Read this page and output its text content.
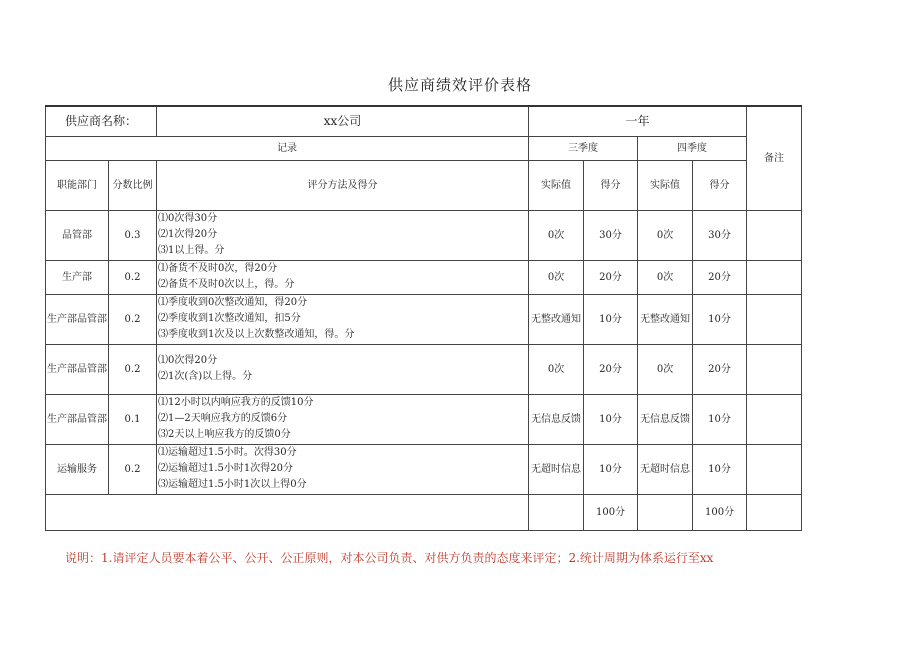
供应商绩效评价表格
供应商名称：		xx公司	一年				备注
记录			三季度		四季度		
职能部门	分数比例	评分方法及得分	实际值	得分	实际值	得分	
品管部	0.3	⑴0次得30分
⑵1次得20分
⑶1以上得。分	0次	30分	0次	30分	
生产部	0.2	⑴备货不及时0次，得20分
⑵备货不及时0次以上，得。分	0次	20分	0次	20分	
生产部品管部	0.2	⑴季度收到0次整改通知，得20分
⑵季度收到1次整改通知，扣5分
⑶季度收到1次及以上次数整改通知，得。分	无整改通知	10分	无整改通知	10分	
生产部品管部	0.2	⑴0次得20分
⑵1次(含)以上得。分	0次	20分	0次	20分	
生产部品管部	0.1	⑴12小时以内响应我方的反馈10分
⑵1—2天响应我方的反馈6分
⑶2天以上响应我方的反馈0分	无信息反馈	10分	无信息反馈	10分	
运输服务	0.2	⑴运输超过1.5小时。次得30分
⑵运输超过1.5小时1次得20分
⑶运输超过1.5小时1次以上得0分	无超时信息	10分	无超时信息	10分	
				100分		100分	
说明：1.请评定人员要本着公平、公开、公正原则，对本公司负责、对供方负责的态度来评定；2.统计周期为体系运行至xx
